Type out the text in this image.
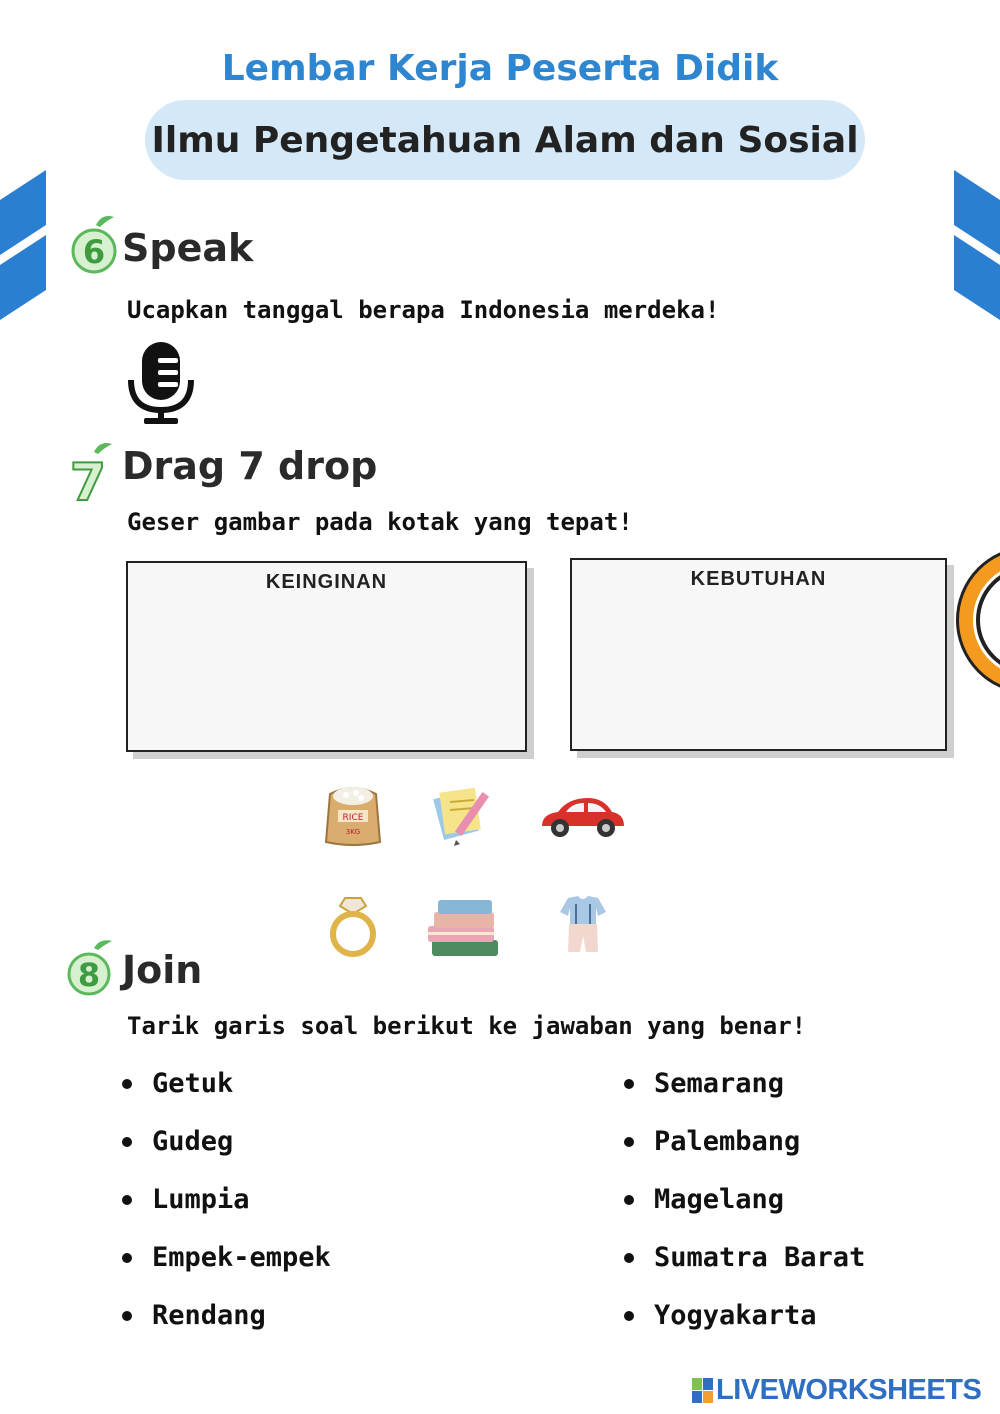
Lembar Kerja Peserta Didik
Ilmu Pengetahuan Alam dan Sosial
6 Speak
Ucapkan tanggal berapa Indonesia merdeka!
7 Drag 7 drop
Geser gambar pada kotak yang tepat!
KEINGINAN	KEBUTUHAN
RICE
3KG
8 Join
Tarik garis soal berikut ke jawaban yang benar!
Getuk
Gudeg
Lumpia
Empek-empek
Rendang
Semarang
Palembang
Magelang
Sumatra Barat
Yogyakarta
LIVEWORKSHEETS
